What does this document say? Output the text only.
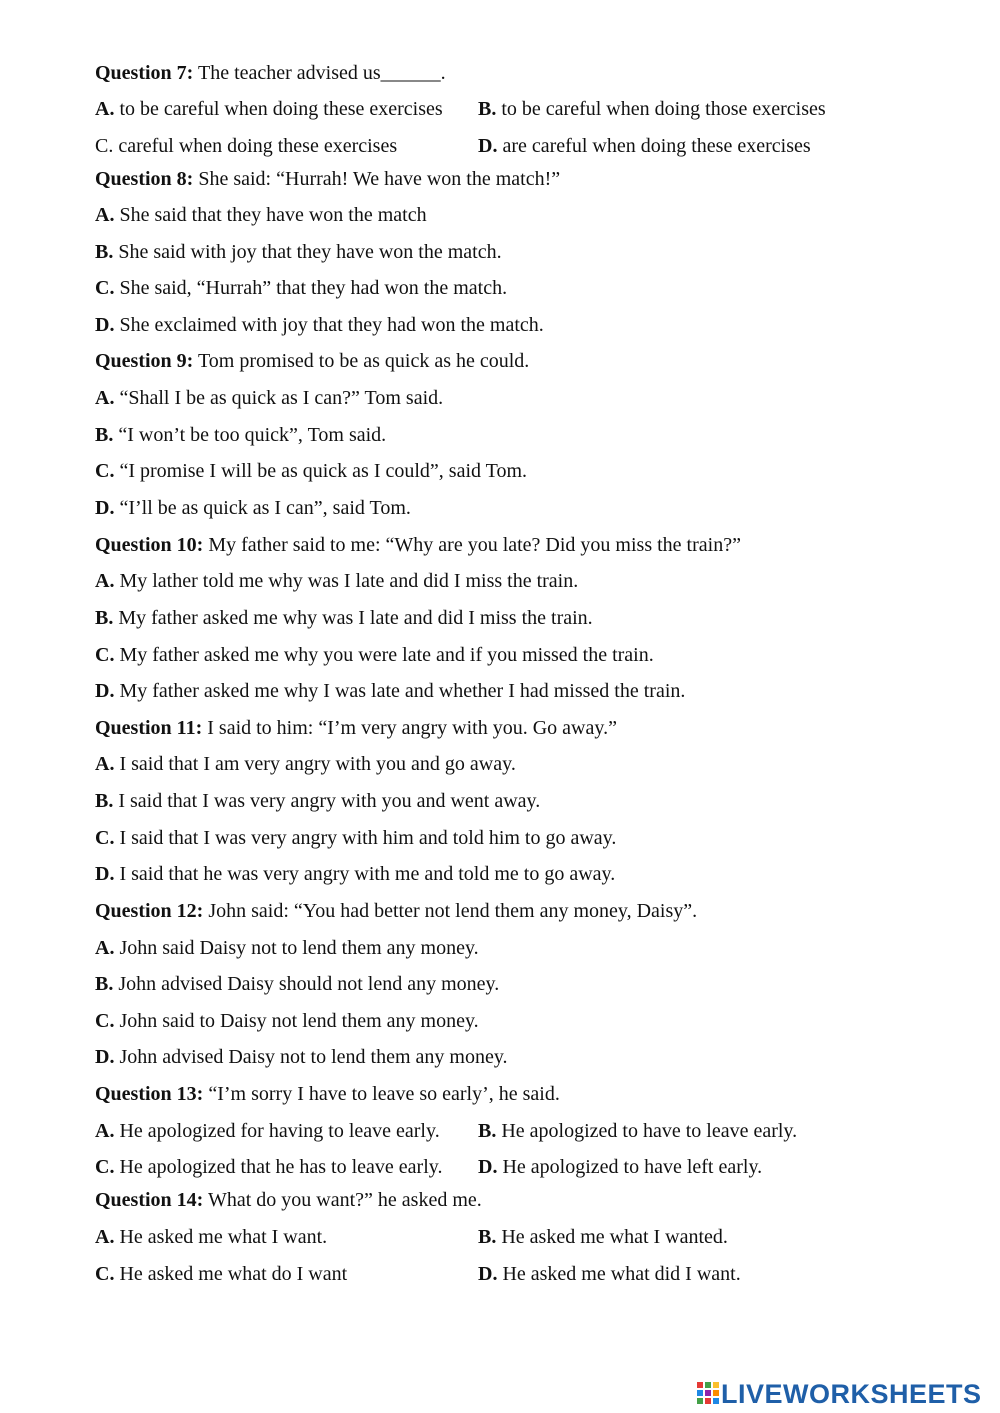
Question 7: The teacher advised us______.
A. to be careful when doing these exercises B. to be careful when doing those exercises
C. careful when doing these exercises	D. are careful when doing these exercises
Question 8: She said: “Hurrah! We have won the match!”
A. She said that they have won the match
B. She said with joy that they have won the match.
C. She said, “Hurrah” that they had won the match.
D. She exclaimed with joy that they had won the match.
Question 9: Tom promised to be as quick as he could.
A. “Shall I be as quick as I can?” Tom said.
B. “I won’t be too quick”, Tom said.
C. “I promise I will be as quick as I could”, said Tom.
D. “I’ll be as quick as I can”, said Tom.
Question 10: My father said to me: “Why are you late? Did you miss the train?”
A. My lather told me why was I late and did I miss the train.
B. My father asked me why was I late and did I miss the train.
C. My father asked me why you were late and if you missed the train.
D. My father asked me why I was late and whether I had missed the train.
Question 11: I said to him: “I’m very angry with you. Go away.”
A. I said that I am very angry with you and go away.
B. I said that I was very angry with you and went away.
C. I said that I was very angry with him and told him to go away.
D. I said that he was very angry with me and told me to go away.
Question 12: John said: “You had better not lend them any money, Daisy”.
A. John said Daisy not to lend them any money.
B. John advised Daisy should not lend any money.
C. John said to Daisy not lend them any money.
D. John advised Daisy not to lend them any money.
Question 13: “I’m sorry I have to leave so early’, he said.
A. He apologized for having to leave early. B. He apologized to have to leave early.
C. He apologized that he has to leave early. D. He apologized to have left early.
Question 14: What do you want?” he asked me.
A. He asked me what I want.	B. He asked me what I wanted.
C. He asked me what do I want	D. He asked me what did I want.
LIVEWORKSHEETS
